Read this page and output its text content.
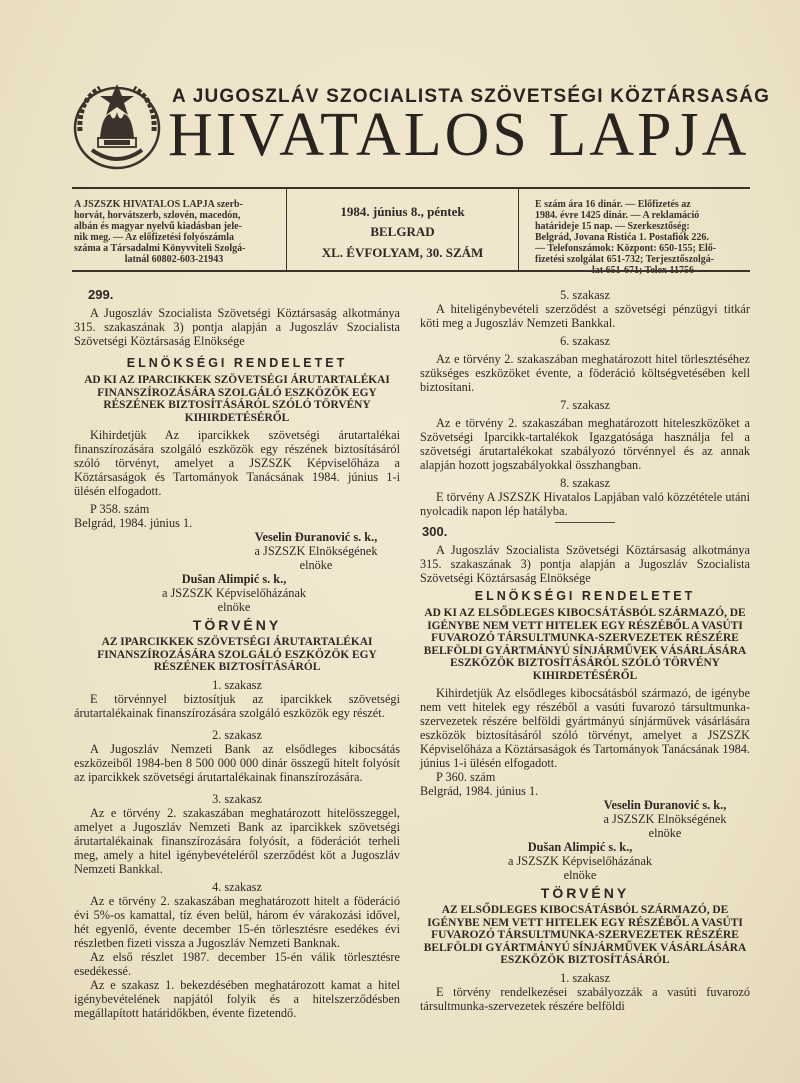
A JUGOSZLÁV SZOCIALISTA SZÖVETSÉGI KÖZTÁRSASÁG
HIVATALOS LAPJA
A JSZSZK HIVATALOS LAPJA szerb-
horvát, horvátszerb, szlovén, macedón,
albán és magyar nyelvű kiadásban jele-
nik meg. — Az előfizetési folyószámla
száma a Társadalmi Könyvviteli Szolgá-
latnál 60802-603-21943
1984. június 8., péntek
BELGRAD
XL. ÉVFOLYAM, 30. SZÁM
E szám ára 16 dinár. — Előfizetés az
1984. évre 1425 dinár. — A reklamáció
határideje 15 nap. — Szerkesztőség:
Belgrád, Jovana Ristića 1. Postafiók 226.
— Telefonszámok: Központ: 650-155; Elő-
fizetési szolgálat 651-732; Terjesztőszolgá-
lat 651-671; Telex 11756

299.

A Jugoszláv Szocialista Szövetségi Köztársaság alkotmánya 315. szakaszának 3) pontja alapján a Jugoszláv Szocialista Szövetségi Köztársaság Elnöksége

ELNÖKSÉGI RENDELETET

AD KI AZ IPARCIKKEK SZÖVETSÉGI ÁRUTARTALÉKAI FINANSZÍROZÁSÁRA SZOLGÁLÓ ESZKÖZÖK EGY RÉSZÉNEK BIZTOSÍTÁSÁRÓL SZÓLÓ TÖRVÉNY KIHIRDETÉSÉRŐL

Kihirdetjük Az iparcikkek szövetségi árutartalékai finanszírozására szolgáló eszközök egy részének biztosításáról szóló törvényt, amelyet a JSZSZK Képviselőháza a Köztársaságok és Tartományok Tanácsának 1984. június 1-i ülésén elfogadott.

P 358. szám

Belgrád, 1984. június 1.

Veselin Đuranović s. k.,

a JSZSZK Elnökségének

elnöke

Dušan Alimpić s. k.,

a JSZSZK Képviselőházának

elnöke

TÖRVÉNY

AZ IPARCIKKEK SZÖVETSÉGI ÁRUTARTALÉKAI FINANSZÍROZÁSÁRA SZOLGÁLÓ ESZKÖZÖK EGY RÉSZÉNEK BIZTOSÍTÁSÁRÓL

1. szakasz

E törvénnyel biztosítjuk az iparcikkek szövetségi árutartalékainak finanszírozására szolgáló eszközök egy részét.

2. szakasz

A Jugoszláv Nemzeti Bank az elsődleges kibocsátás eszközeiből 1984-ben 8 500 000 000 dinár összegű hitelt folyósít az iparcikkek szövetségi árutartalékainak finanszírozására.

3. szakasz

Az e törvény 2. szakaszában meghatározott hitelösszeggel, amelyet a Jugoszláv Nemzeti Bank az iparcikkek szövetségi árutartalékainak finanszírozására folyósít, a föderációt terheli meg, amely a hitel igénybevételéről szerződést köt a Jugoszláv Nemzeti Bankkal.

4. szakasz

Az e törvény 2. szakaszában meghatározott hitelt a föderáció évi 5%-os kamattal, tíz éven belül, három év várakozási idővel, hét egyenlő, évente december 15-én törlesztésre esedékes évi részletben fizeti vissza a Jugoszláv Nemzeti Banknak.

Az első részlet 1987. december 15-én válik törlesztésre esedékessé.

Az e szakasz 1. bekezdésében meghatározott kamat a hitel igénybevételének napjától folyik és a hitelszerződésben megállapított határidőkben, évente fizetendő.

5. szakasz

A hiteligénybevételi szerződést a szövetségi pénzügyi titkár köti meg a Jugoszláv Nemzeti Bankkal.

6. szakasz

Az e törvény 2. szakaszában meghatározott hitel törlesztéséhez szükséges eszközöket évente, a föderáció költségvetésében kell biztosítani.

7. szakasz

Az e törvény 2. szakaszában meghatározott hiteleszközöket a Szövetségi Iparcikk-tartalékok Igazgatósága használja fel a szövetségi árutartalékokat szabályozó törvénnyel és az annak alapján hozott jogszabályokkal összhangban.

8. szakasz

E törvény A JSZSZK Hivatalos Lapjában való közzététele utáni nyolcadik napon lép hatályba.

300.

A Jugoszláv Szocialista Szövetségi Köztársaság alkotmánya 315. szakaszának 3) pontja alapján a Jugoszláv Szocialista Szövetségi Köztársaság Elnöksége

ELNÖKSÉGI RENDELETET

AD KI AZ ELSŐDLEGES KIBOCSÁTÁSBÓL SZÁRMAZÓ, DE IGÉNYBE NEM VETT HITELEK EGY RÉSZÉBŐL A VASÚTI FUVAROZÓ TÁRSULTMUNKA-SZERVEZETEK RÉSZÉRE BELFÖLDI GYÁRTMÁNYÚ SÍNJÁRMŰVEK VÁSÁRLÁSÁRA ESZKÖZÖK BIZTOSÍTÁSÁRÓL SZÓLÓ TÖRVÉNY KIHIRDETÉSÉRŐL

Kihirdetjük Az elsődleges kibocsátásból származó, de igénybe nem vett hitelek egy részéből a vasúti fuvarozó társultmunka-szervezetek részére belföldi gyártmányú sínjárművek vásárlására eszközök biztosításáról szóló törvényt, amelyet a JSZSZK Képviselőháza a Köztársaságok és Tartományok Tanácsának 1984. június 1-i ülésén elfogadott.

P 360. szám

Belgrád, 1984. június 1.

Veselin Đuranović s. k.,

a JSZSZK Elnökségének

elnöke

Dušan Alimpić s. k.,

a JSZSZK Képviselőházának

elnöke

TÖRVÉNY

AZ ELSŐDLEGES KIBOCSÁTÁSBÓL SZÁRMAZÓ, DE IGÉNYBE NEM VETT HITELEK EGY RÉSZÉBŐL A VASÚTI FUVAROZÓ TÁRSULTMUNKA-SZERVEZETEK RÉSZÉRE BELFÖLDI GYÁRTMÁNYÚ SÍNJÁRMŰVEK VÁSÁRLÁSÁRA ESZKÖZÖK BIZTOSÍTÁSÁRÓL

1. szakasz

E törvény rendelkezései szabályozzák a vasúti fuvarozó társultmunka-szervezetek részére belföldi
